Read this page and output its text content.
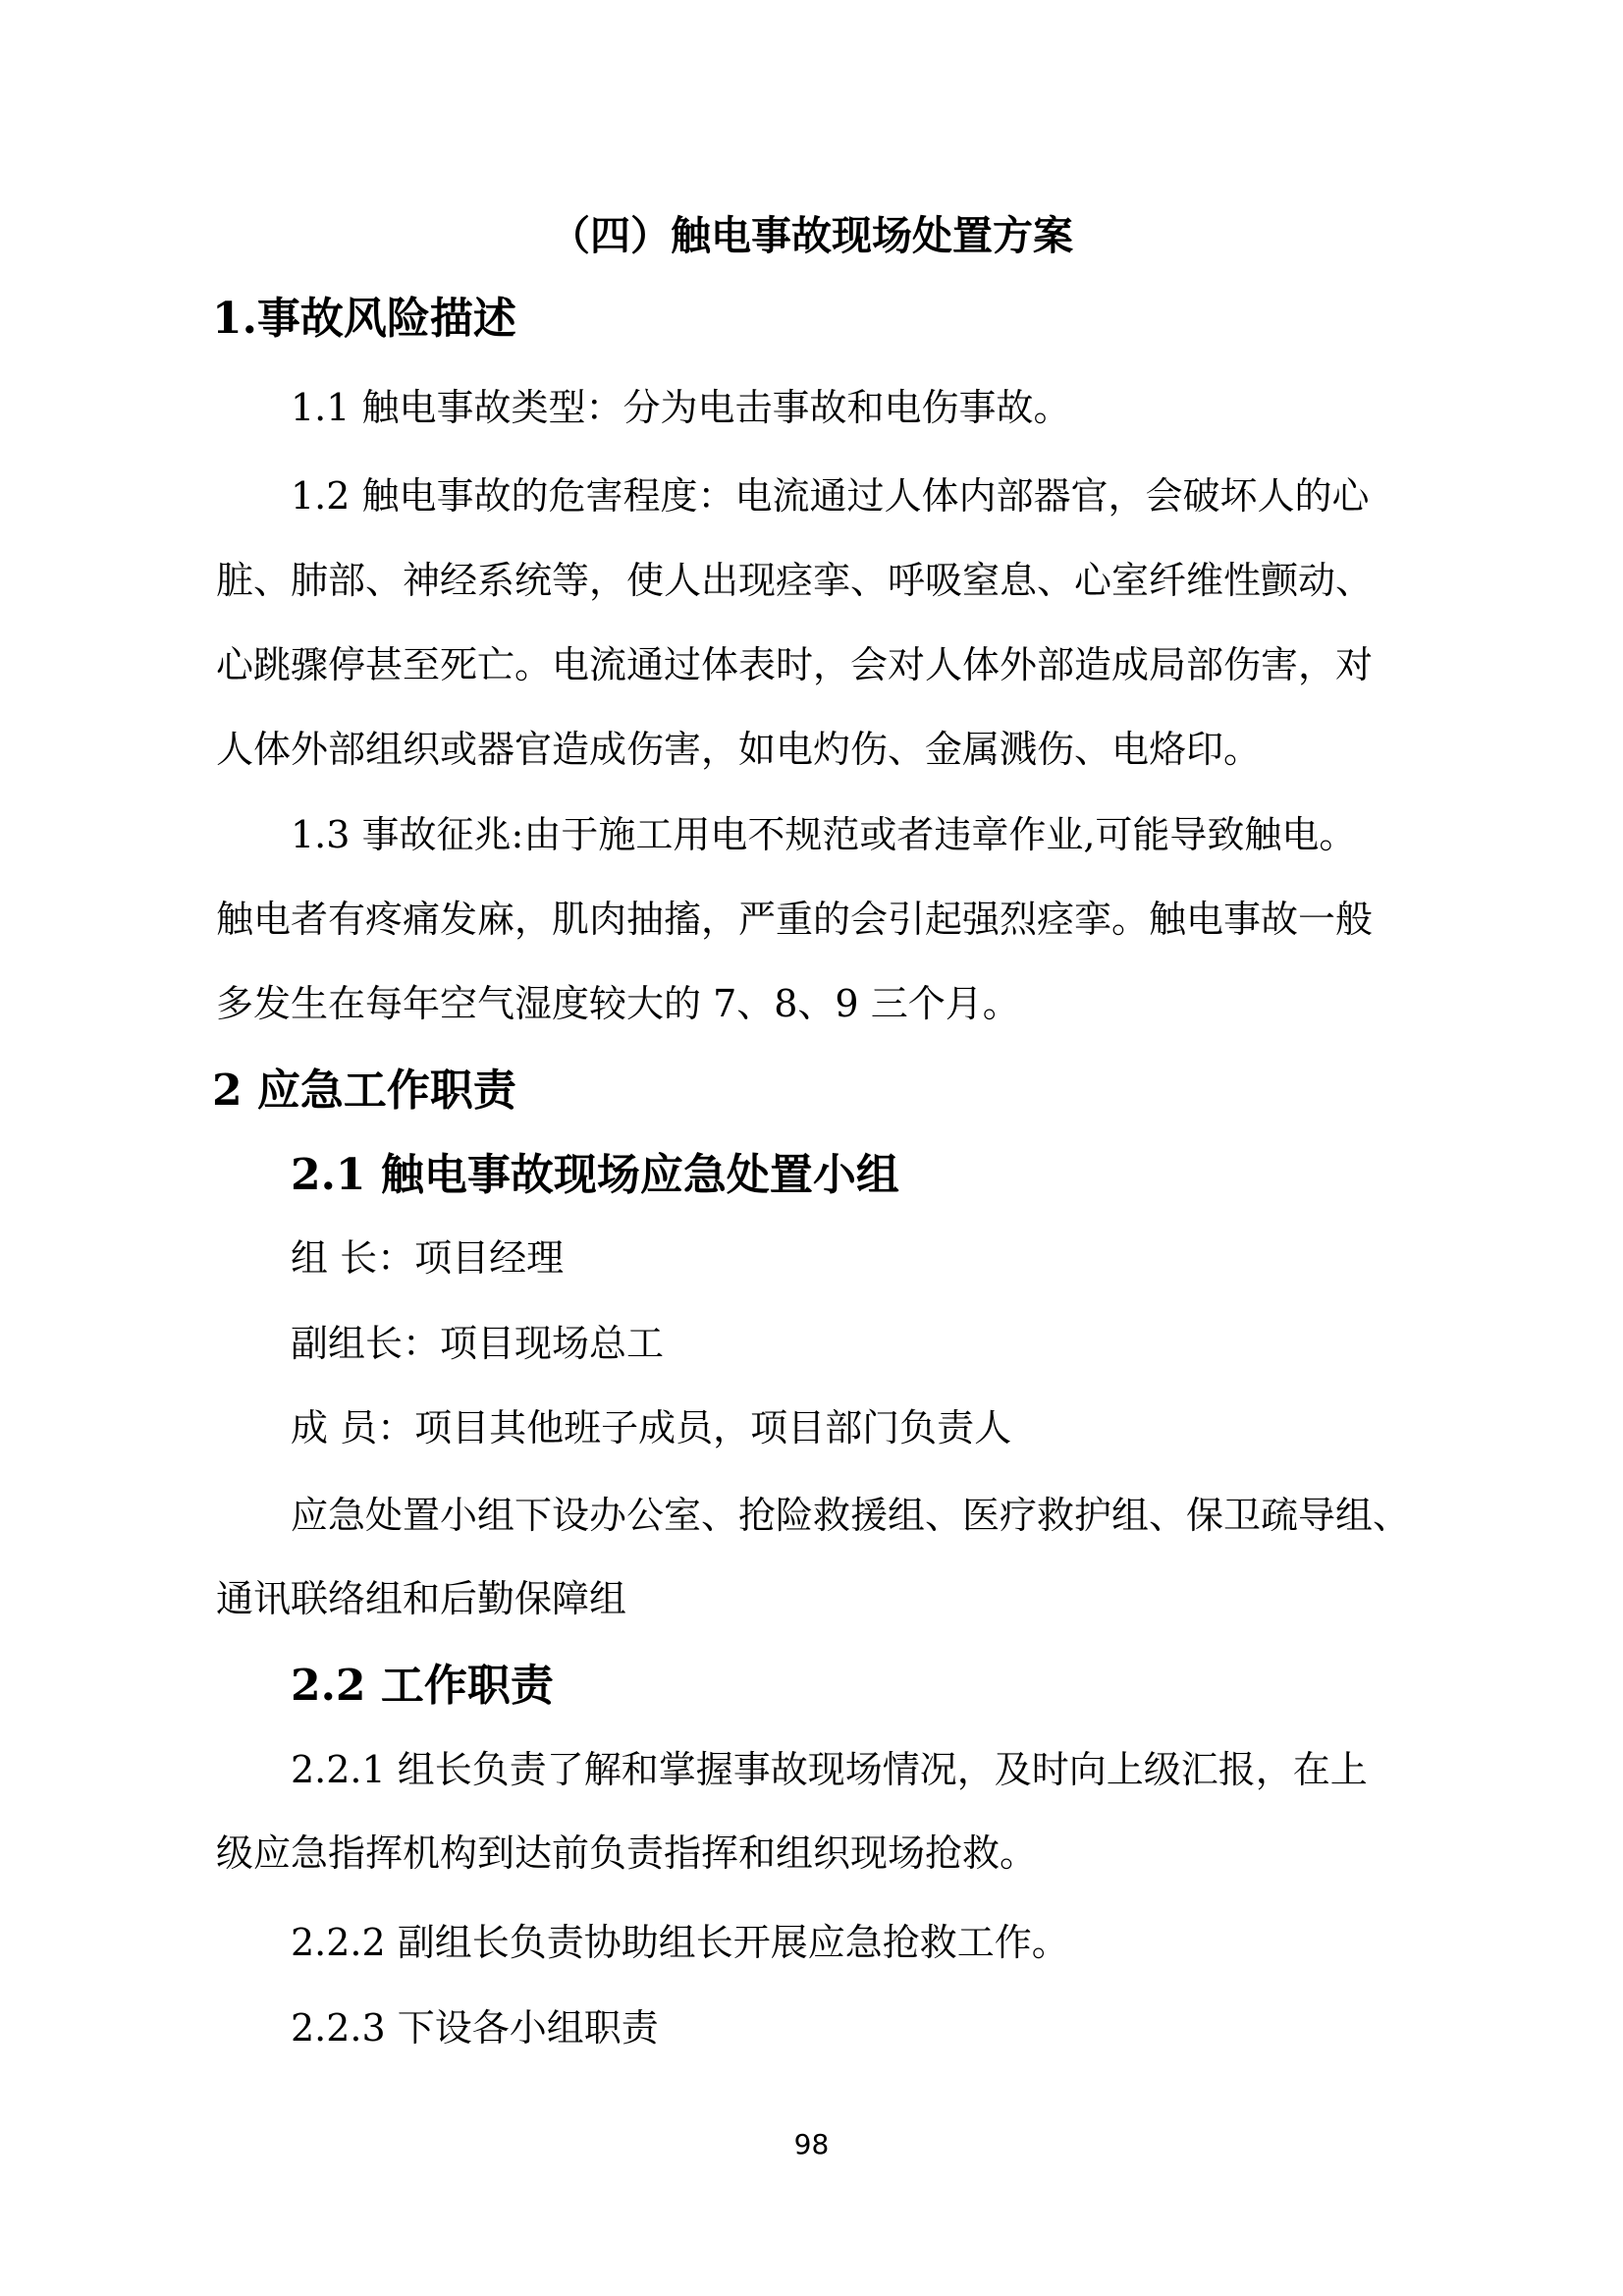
（四）触电事故现场处置方案
1.事故风险描述
1.1 触电事故类型：分为电击事故和电伤事故。
1.2 触电事故的危害程度：电流通过人体内部器官，会破坏人的心
脏、肺部、神经系统等，使人出现痉挛、呼吸窒息、心室纤维性颤动、
心跳骤停甚至死亡。电流通过体表时，会对人体外部造成局部伤害，对
人体外部组织或器官造成伤害，如电灼伤、金属溅伤、电烙印。
1.3 事故征兆:由于施工用电不规范或者违章作业,可能导致触电。
触电者有疼痛发麻，肌肉抽搐，严重的会引起强烈痉挛。触电事故一般
多发生在每年空气湿度较大的 7、8、9 三个月。
2 应急工作职责
2.1 触电事故现场应急处置小组
组 长：项目经理
副组长：项目现场总工
成 员：项目其他班子成员，项目部门负责人
应急处置小组下设办公室、抢险救援组、医疗救护组、保卫疏导组、
通讯联络组和后勤保障组
2.2 工作职责
2.2.1 组长负责了解和掌握事故现场情况，及时向上级汇报，在上
级应急指挥机构到达前负责指挥和组织现场抢救。
2.2.2 副组长负责协助组长开展应急抢救工作。
2.2.3 下设各小组职责
98
